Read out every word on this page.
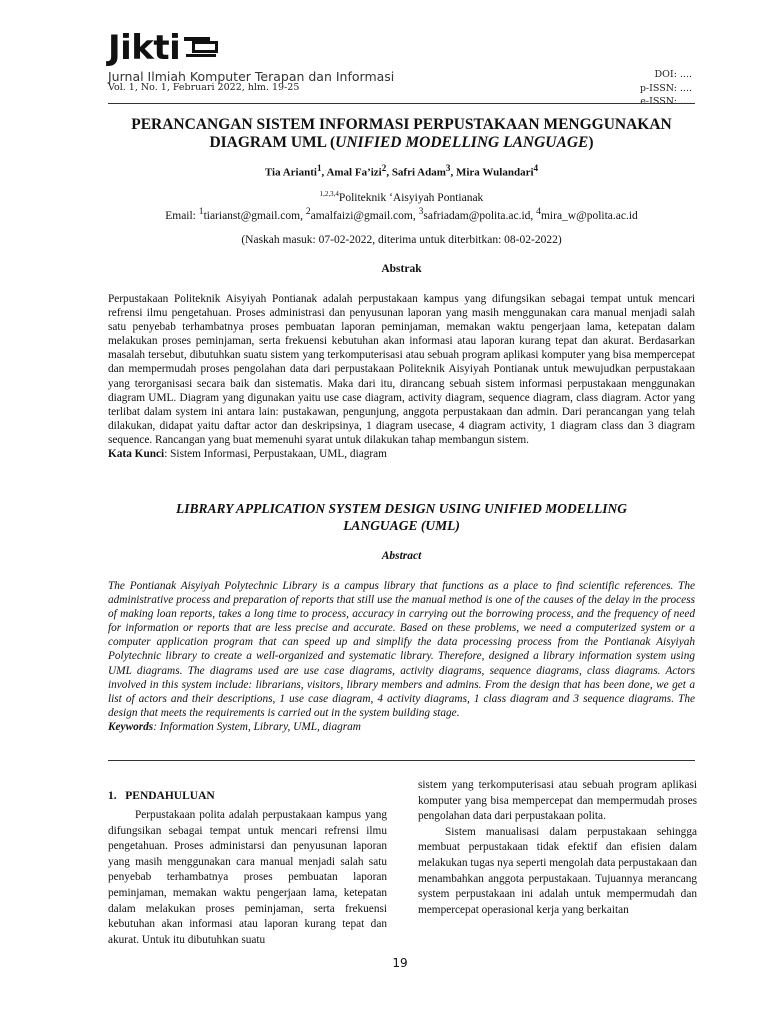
Jikti
Jurnal Ilmiah Komputer Terapan dan Informasi
Vol. 1, No. 1, Februari 2022, hlm. 19-25
DOI: ....
p-ISSN: ....
e-ISSN: ....
PERANCANGAN SISTEM INFORMASI PERPUSTAKAAN MENGGUNAKAN
DIAGRAM UML (UNIFIED MODELLING LANGUAGE)
Tia Arianti$^1$, Amal Fa’izi$^2$, Safri Adam$^3$, Mira Wulandari$^4$
$^{1,2,3,4}$Politeknik ‘Aisyiyah Pontianak
Email: $^1$tiarianst@gmail.com, $^2$amalfaizi@gmail.com, $^3$safriadam@polita.ac.id, $^4$mira_w@polita.ac.id
(Naskah masuk: 07-02-2022, diterima untuk diterbitkan: 08-02-2022)
Abstrak
Perpustakaan Politeknik Aisyiyah Pontianak adalah perpustakaan kampus yang difungsikan sebagai tempat untuk mencari refrensi ilmu pengetahuan. Proses administrasi dan penyusunan laporan yang masih menggunakan cara manual menjadi salah satu penyebab terhambatnya proses pembuatan laporan peminjaman, memakan waktu pengerjaan lama, ketepatan dalam melakukan proses peminjaman, serta frekuensi kebutuhan akan informasi atau laporan kurang tepat dan akurat. Berdasarkan masalah tersebut, dibutuhkan suatu sistem yang terkomputerisasi atau sebuah program aplikasi komputer yang bisa mempercepat dan mempermudah proses pengolahan data dari perpustakaan Politeknik Aisyiyah Pontianak untuk mewujudkan perpustakaan yang terorganisasi secara baik dan sistematis. Maka dari itu, dirancang sebuah sistem informasi perpustakaan menggunakan diagram UML. Diagram yang digunakan yaitu use case diagram, activity diagram, sequence diagram, class diagram. Actor yang terlibat dalam system ini antara lain: pustakawan, pengunjung, anggota perpustakaan dan admin. Dari perancangan yang telah dilakukan, didapat yaitu daftar actor dan deskripsinya, 1 diagram usecase, 4 diagram activity, 1 diagram class dan 3 diagram sequence. Rancangan yang buat memenuhi syarat untuk dilakukan tahap membangun sistem.
Kata Kunci: Sistem Informasi, Perpustakaan, UML, diagram
LIBRARY APPLICATION SYSTEM DESIGN USING UNIFIED MODELLING
LANGUAGE (UML)
Abstract
The Pontianak Aisyiyah Polytechnic Library is a campus library that functions as a place to find scientific references. The administrative process and preparation of reports that still use the manual method is one of the causes of the delay in the process of making loan reports, takes a long time to process, accuracy in carrying out the borrowing process, and the frequency of need for information or reports that are less precise and accurate. Based on these problems, we need a computerized system or a computer application program that can speed up and simplify the data processing process from the Pontianak Aisyiyah Polytechnic library to create a well-organized and systematic library. Therefore, designed a library information system using UML diagrams. The diagrams used are use case diagrams, activity diagrams, sequence diagrams, class diagrams. Actors involved in this system include: librarians, visitors, library members and admins. From the design that has been done, we get a list of actors and their descriptions, 1 use case diagram, 4 activity diagrams, 1 class diagram and 3 sequence diagrams. The design that meets the requirements is carried out in the system building stage.
Keywords: Information System, Library, UML, diagram
1.   PENDAHULUAN

Perpustakaan polita adalah perpustakaan kampus yang difungsikan sebagai tempat untuk mencari refrensi ilmu pengetahuan. Proses administarsi dan penyusunan laporan yang masih menggunakan cara manual menjadi salah satu penyebab terhambatnya proses pembuatan laporan peminjaman, memakan waktu pengerjaan lama, ketepatan dalam melakukan proses peminjaman, serta frekuensi kebutuhan akan informasi atau laporan kurang tepat dan akurat. Untuk itu dibutuhkan suatu

sistem yang terkomputerisasi atau sebuah program aplikasi komputer yang bisa mempercepat dan mempermudah proses pengolahan data dari perpustakaan polita.

Sistem manualisasi dalam perpustakaan sehingga membuat perpustakaan tidak efektif dan efisien dalam melakukan tugas nya seperti mengolah data perpustakaan dan menambahkan anggota perpustakaan. Tujuannya merancang system perpustakaan ini adalah untuk mempermudah dan mempercepat operasional kerja yang berkaitan

19
